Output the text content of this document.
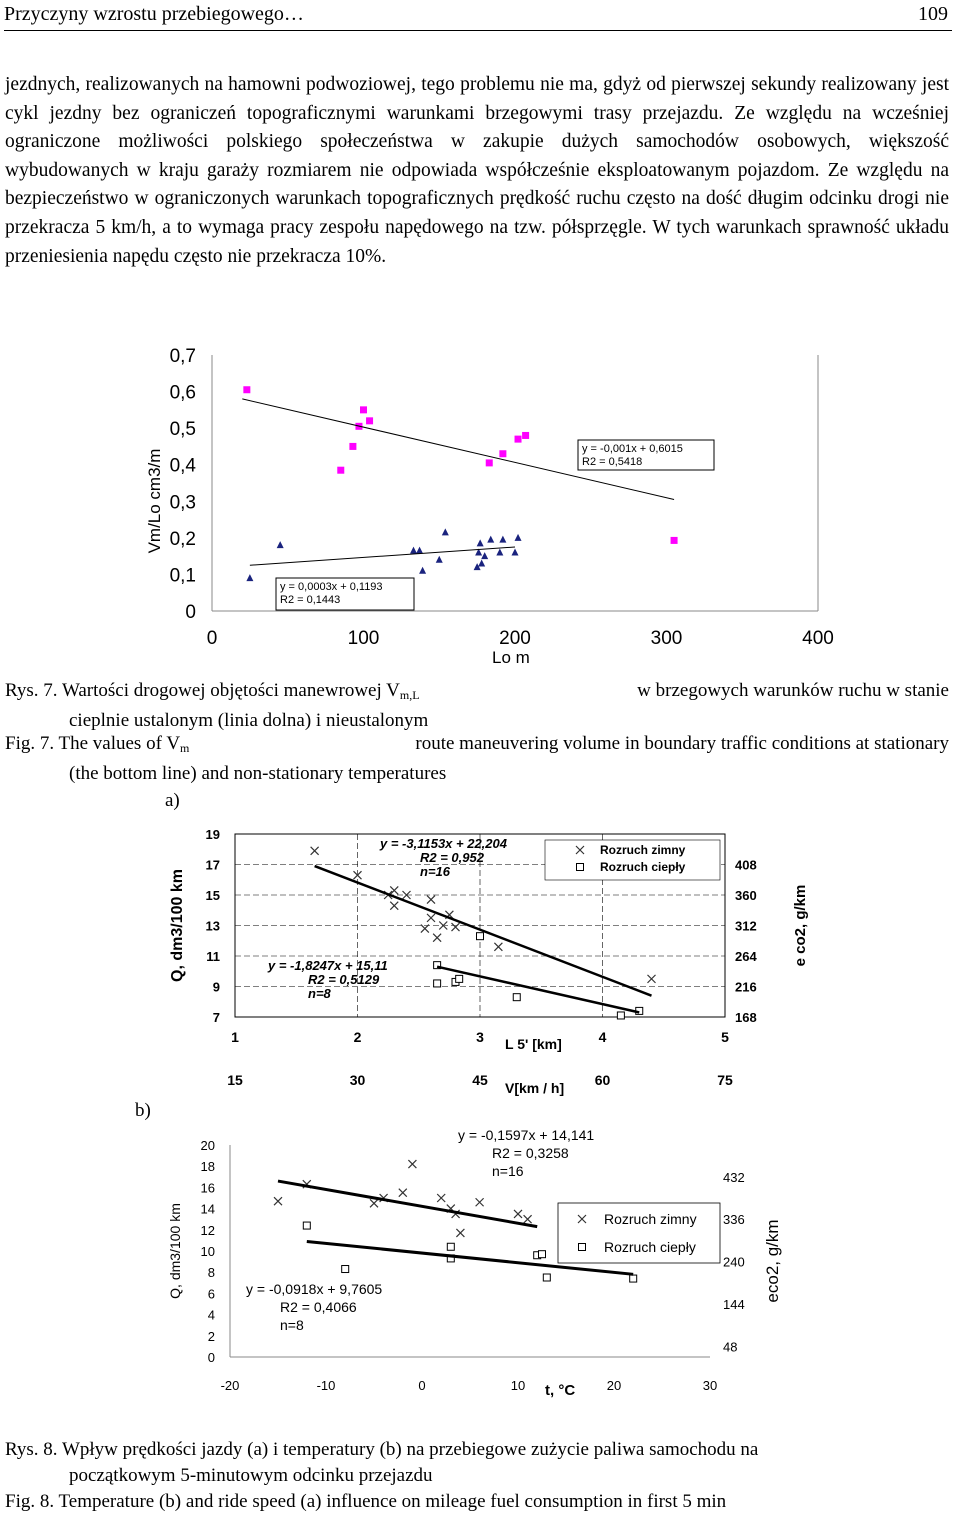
Przyczyny wzrostu przebiegowego…	109
jezdnych, realizowanych na hamowni podwoziowej, tego problemu nie ma, gdyż od pierwszej sekundy realizowany jest cykl jezdny bez ograniczeń topograficznymi warunkami brzegowymi trasy przejazdu. Ze względu na wcześniej ograniczone możliwości polskiego społeczeństwa w zakupie dużych samochodów osobowych, większość wybudowanych w kraju garaży rozmiarem nie odpowiada współcześnie eksploatowanym pojazdom. Ze względu na bezpieczeństwo w ograniczonych warunkach topograficznych prędkość ruchu często na dość długim odcinku drogi nie przekracza 5 km/h, a to wymaga pracy zespołu napędowego na tzw. półsprzęgle. W tych warunkach sprawność układu przeniesienia napędu często nie przekracza 10%.
0	100	200	300	400
0
0,1
0,2
0,3
0,4
0,5
0,6
0,7
Lo m
Vm/Lo cm3/m	y = -0,001x + 0,6015
R2 = 0,5418
y = 0,0003x + 0,1193
R2 = 0,1443
Rys. 7. Wartości drogowej objętości manewrowej $V_{m,L}$	w brzegowych warunków ruchu w stanie
cieplnie ustalonym (linia dolna) i nieustalonym
Fig. 7. The values of $V_m$	route maneuvering volume in boundary traffic conditions at stationary
(the bottom line) and non-stationary temperatures
a)
b)
7
9
11
13
15
17
19
1	2	3	4	5
15	30	45	60	75
168
216
264
312
360
408
L 5' [km]
V[km / h]
Q, dm3/100 km	e co2, g/km
y = -3,1153x + 22,204
R2 = 0,952
n=16
y = -1,8247x + 15,11
R2 = 0,5129
n=8
Rozruch zimny
Rozruch ciepły
0
2
4
6
8
10
12
14
16
18
20
-20	-10	0	10	20	30
48
144
240
336
432
t, °C
Q, dm3/100 km	eco2, g/km
y = -0,1597x + 14,141
R2 = 0,3258
n=16
y = -0,0918x + 9,7605
R2 = 0,4066
n=8
Rozruch zimny
Rozruch ciepły
Rys. 8. Wpływ prędkości jazdy (a) i temperatury (b) na przebiegowe zużycie paliwa samochodu na
początkowym 5-minutowym odcinku przejazdu
Fig. 8. Temperature (b) and ride speed (a) influence on mileage fuel consumption in first 5 min
